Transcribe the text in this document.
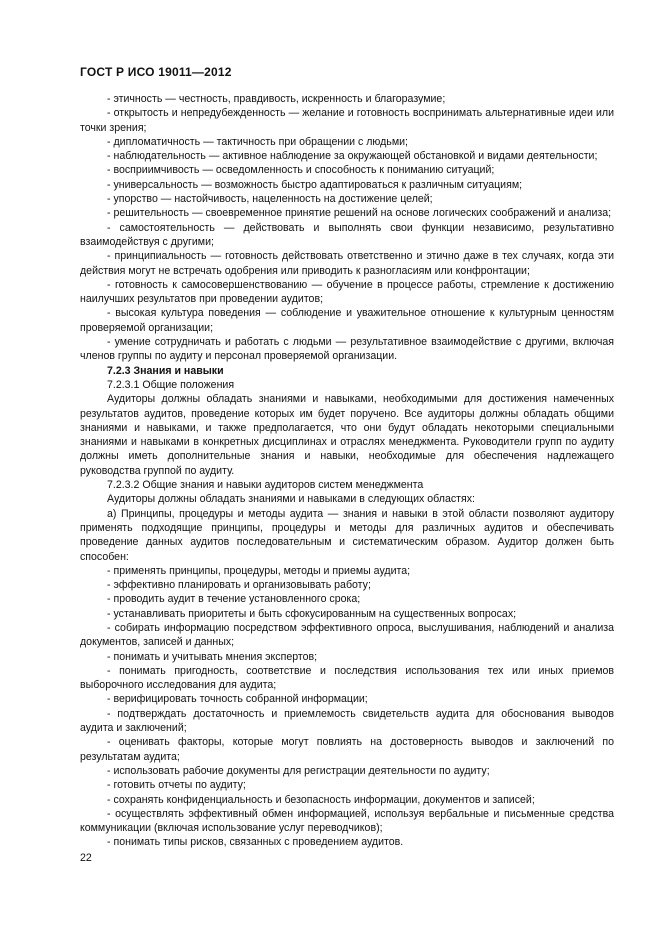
ГОСТ Р ИСО 19011—2012

- этичность — честность, правдивость, искренность и благоразумие;

- открытость и непредубежденность — желание и готовность воспринимать альтернативные идеи или точки зрения;

- дипломатичность — тактичность при обращении с людьми;

- наблюдательность — активное наблюдение за окружающей обстановкой и видами деятельности;

- восприимчивость — осведомленность и способность к пониманию ситуаций;

- универсальность — возможность быстро адаптироваться к различным ситуациям;

- упорство — настойчивость, нацеленность на достижение целей;

- решительность — своевременное принятие решений на основе логических соображений и анализа;

- самостоятельность — действовать и выполнять свои функции независимо, результативно взаимодействуя с другими;

- принципиальность — готовность действовать ответственно и этично даже в тех случаях, когда эти действия могут не встречать одобрения или приводить к разногласиям или конфронтации;

- готовность к самосовершенствованию — обучение в процессе работы, стремление к достижению наилучших результатов при проведении аудитов;

- высокая культура поведения — соблюдение и уважительное отношение к культурным ценностям проверяемой организации;

- умение сотрудничать и работать с людьми — результативное взаимодействие с другими, включая членов группы по аудиту и персонал проверяемой организации.

7.2.3 Знания и навыки

7.2.3.1 Общие положения

Аудиторы должны обладать знаниями и навыками, необходимыми для достижения намеченных результатов аудитов, проведение которых им будет поручено. Все аудиторы должны обладать общими знаниями и навыками, и также предполагается, что они будут обладать некоторыми специальными знаниями и навыками в конкретных дисциплинах и отраслях менеджмента. Руководители групп по аудиту должны иметь дополнительные знания и навыки, необходимые для обеспечения надлежащего руководства группой по аудиту.

7.2.3.2 Общие знания и навыки аудиторов систем менеджмента

Аудиторы должны обладать знаниями и навыками в следующих областях:

а) Принципы, процедуры и методы аудита — знания и навыки в этой области позволяют аудитору применять подходящие принципы, процедуры и методы для различных аудитов и обеспечивать проведение данных аудитов последовательным и систематическим образом. Аудитор должен быть способен:

- применять принципы, процедуры, методы и приемы аудита;

- эффективно планировать и организовывать работу;

- проводить аудит в течение установленного срока;

- устанавливать приоритеты и быть сфокусированным на существенных вопросах;

- собирать информацию посредством эффективного опроса, выслушивания, наблюдений и анализа документов, записей и данных;

- понимать и учитывать мнения экспертов;

- понимать пригодность, соответствие и последствия использования тех или иных приемов выборочного исследования для аудита;

- верифицировать точность собранной информации;

- подтверждать достаточность и приемлемость свидетельств аудита для обоснования выводов аудита и заключений;

- оценивать факторы, которые могут повлиять на достоверность выводов и заключений по результатам аудита;

- использовать рабочие документы для регистрации деятельности по аудиту;

- готовить отчеты по аудиту;

- сохранять конфиденциальность и безопасность информации, документов и записей;

- осуществлять эффективный обмен информацией, используя вербальные и письменные средства коммуникации (включая использование услуг переводчиков);

- понимать типы рисков, связанных с проведением аудитов.

22
